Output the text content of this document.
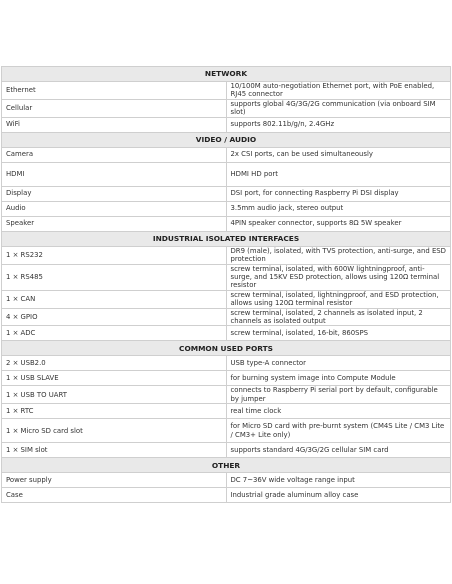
NETWORK	
Ethernet	10/100M auto-negotiation Ethernet port, with PoE enabled, RJ45 connector
Cellular	supports global 4G/3G/2G communication (via onboard SIM slot)
WiFi	supports 802.11b/g/n, 2.4GHz
VIDEO / AUDIO	
Camera	2x CSI ports, can be used simultaneously
HDMI	HDMI HD port
Display	DSI port, for connecting Raspberry Pi DSI display
Audio	3.5mm audio jack, stereo output
Speaker	4PIN speaker connector, supports 8Ω 5W speaker
INDUSTRIAL ISOLATED INTERFACES	
1 × RS232	DR9 (male), isolated, with TVS protection, anti-surge, and ESD protection
1 × RS485	screw terminal, isolated, with 600W lightningproof, anti-surge, and 15KV ESD protection, allows using 120Ω terminal resistor
1 × CAN	screw terminal, isolated, lightningproof, and ESD protection, allows using 120Ω terminal resistor
4 × GPIO	screw terminal, isolated, 2 channels as isolated input, 2 channels as isolated output
1 × ADC	screw terminal, isolated, 16-bit, 860SPS
COMMON USED PORTS	
2 × USB2.0	USB type-A connector
1 × USB SLAVE	for burning system image into Compute Module
1 × USB TO UART	connects to Raspberry Pi serial port by default, configurable by jumper
1 × RTC	real time clock
1 × Micro SD card slot	for Micro SD card with pre-burnt system (CM4S Lite / CM3 Lite / CM3+ Lite only)
1 × SIM slot	supports standard 4G/3G/2G cellular SIM card
OTHER	
Power supply	DC 7~36V wide voltage range input
Case	Industrial grade aluminum alloy case
